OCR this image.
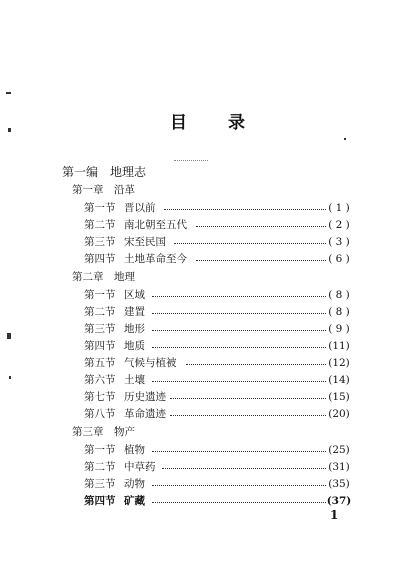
目 录
第一编 地理志
第一章 沿革
第一节 晋以前	( 1 )
第二节 南北朝至五代	( 2 )
第三节 宋至民国	( 3 )
第四节 土地革命至今	( 6 )
第二章 地理
第一节 区域	( 8 )
第二节 建置	( 8 )
第三节 地形	( 9 )
第四节 地质	(11)
第五节 气候与植被	(12)
第六节 土壤	(14)
第七节 历史遗迹	(15)
第八节 革命遗迹	(20)
第三章 物产
第一节 植物	(25)
第二节 中草药	(31)
第三节 动物	(35)
第四节 矿藏	(37)
1
